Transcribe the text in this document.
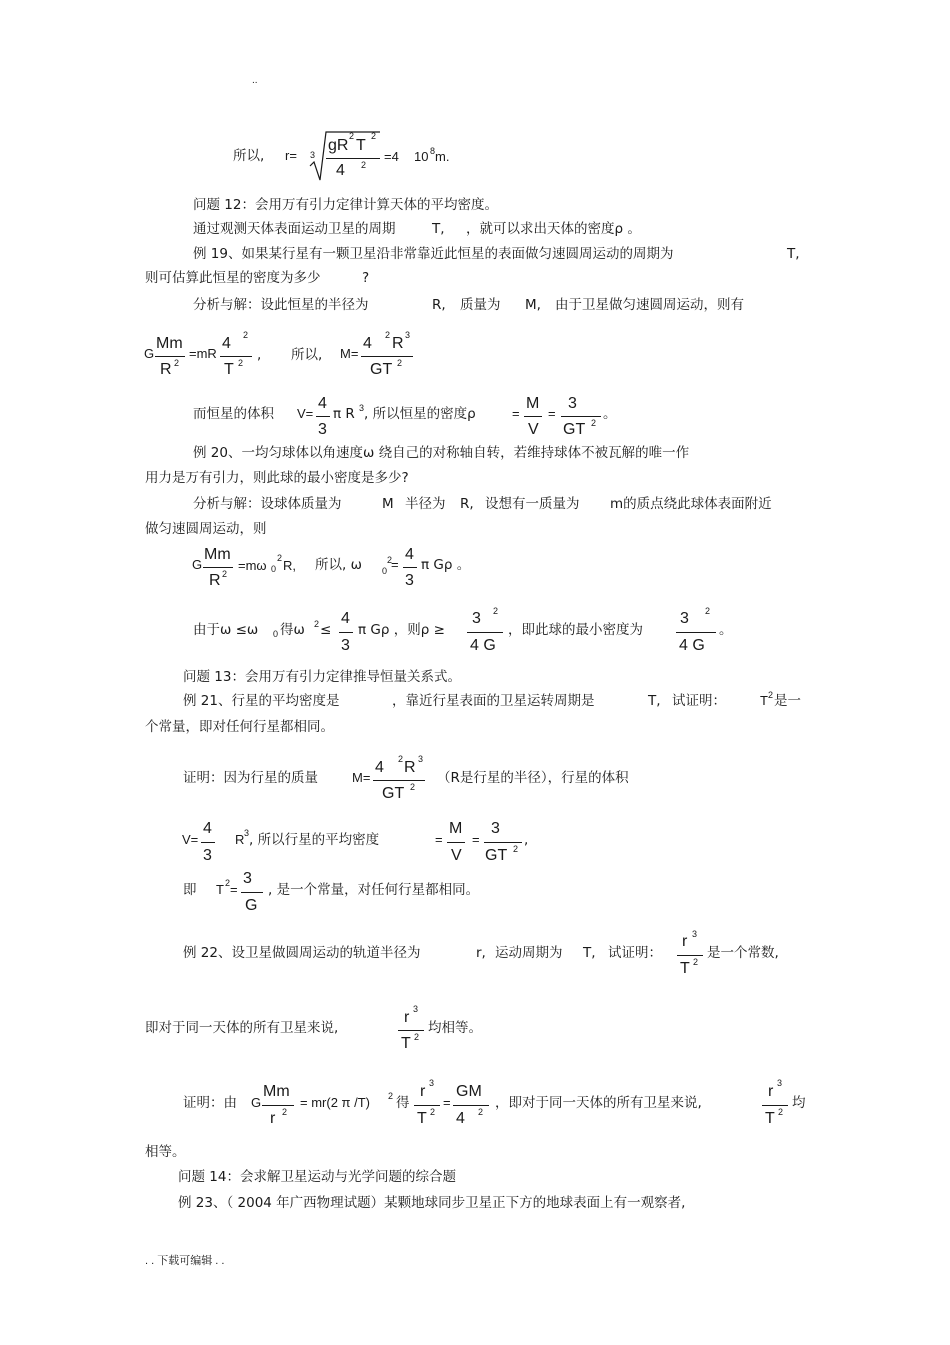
..
所以, r= 3
gR
2
T
2
4 2
=4 10 8 m.
问题 12：会用万有引力定律计算天体的平均密度。
通过观测天体表面运动卫星的周期	T, ，就可以求出天体的密度ρ 。
例 19、如果某行星有一颗卫星沿非常靠近此恒星的表面做匀速圆周运动的周期为	T,
则可估算此恒星的密度为多少	?
分析与解：设此恒星的半径为	R, 质量为 M, 由于卫星做匀速圆周运动，则有
G
Mm
R 2
=mR
4 2
T 2 , 所以, M=
4 2 R 3
GT 2
而恒星的体积 V=
4
3
π R 3 , 所以恒星的密度ρ	=
M
V
=
3
GT 2
。
例 20、一均匀球体以角速度ω 绕自己的对称轴自转，若维持球体不被瓦解的唯一作
用力是万有引力，则此球的最小密度是多少?
分析与解：设球体质量为	M 半径为 R, 设想有一质量为 m的质点绕此球体表面附近
做匀速圆周运动，则
G
Mm
R 2
=mω 0
2 R, 所以, ω 0
2
=
4
3
π Gρ 。
由于ω ≤ω 0 得ω 2 ≤
4
3
π Gρ ，则ρ ≥
3 2
4 G
，即此球的最小密度为
3 2
4 G
。
问题 13：会用万有引力定律推导恒量关系式。
例 21、行星的平均密度是	，靠近行星表面的卫星运转周期是	T, 试证明：	T 2 是一
个常量，即对任何行星都相同。
证明：因为行星的质量	M=
4 2 R 3
GT 2
（R是行星的半径），行星的体积
V=
4
3
R 3 , 所以行星的平均密度	=
M
V
=
3
GT 2
,
即 T 2 =
3
G
, 是一个常量，对任何行星都相同。
例 22、设卫星做圆周运动的轨道半径为	r, 运动周期为 T, 试证明：
r 3
T 2
是一个常数,
即对于同一天体的所有卫星来说,
r 3
T 2
均相等。
证明：由 G
Mm
r 2
= mr(2 π /T) 2 得
r 3
T 2
=
GM
4 2
，即对于同一天体的所有卫星来说,
r 3
T 2
均
相等。
问题 14：会求解卫星运动与光学问题的综合题
例 23、（ 2004 年广西物理试题）某颗地球同步卫星正下方的地球表面上有一观察者,
. . 下载可编辑 . .
